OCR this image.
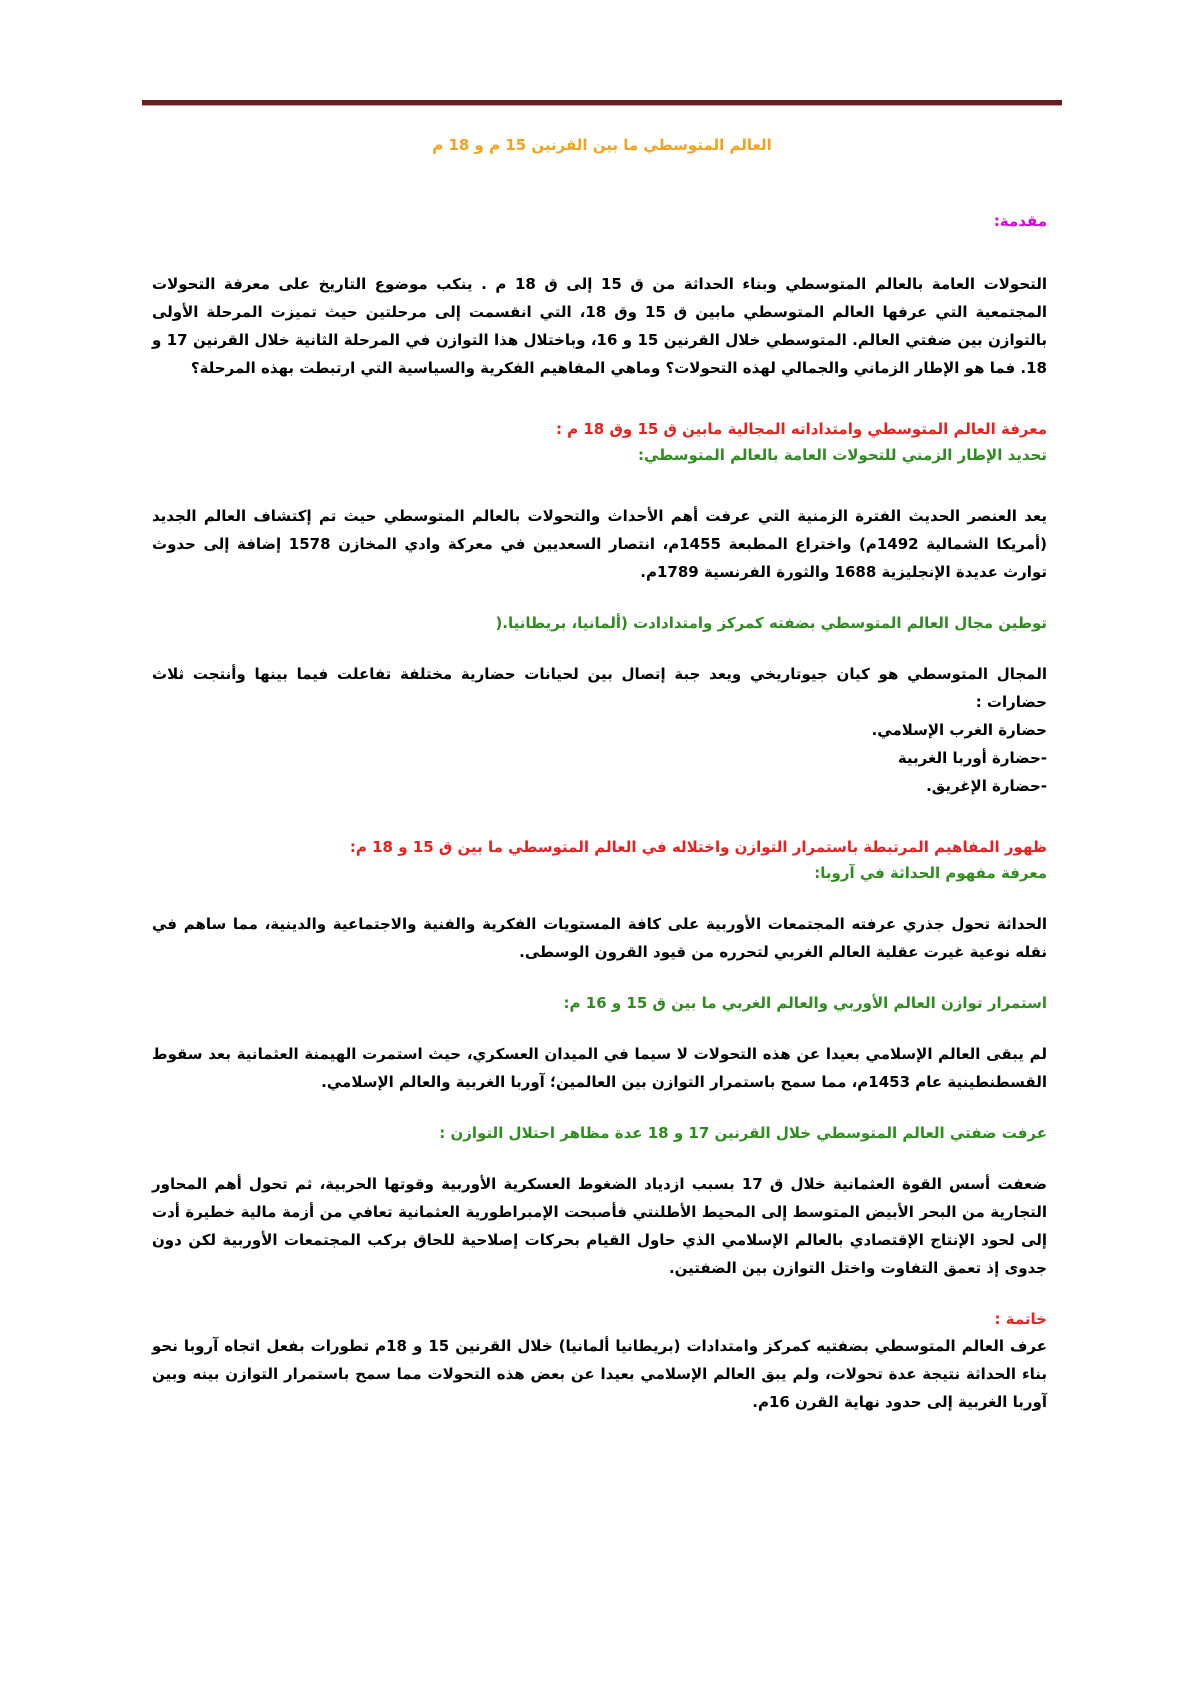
العالم المتوسطي ما بين القرنين 15 م و 18 م

مقدمة:

التحولات العامة بالعالم المتوسطي وبناء الحداثة من ق 15 إلى ق 18 م . ينكب موضوع التاريخ على معرفة التحولات المجتمعية التي عرفها العالم المتوسطي مابين ق 15 وق 18، التي انقسمت إلى مرحلتين حيث تميزت المرحلة الأولى بالتوازن بين ضفتي العالم. المتوسطي خلال القرنين 15 و 16، وباختلال هذا التوازن في المرحلة الثانية خلال القرنين 17 و 18. فما هو الإطار الزماني والجمالي لهذه التحولات؟ وماهي المفاهيم الفكرية والسياسية التي ارتبطت بهذه المرحلة؟

معرفة العالم المتوسطي وامتداداته المجالية مابين ق 15 وق 18 م :

تحديد الإطار الزمني للتحولات العامة بالعالم المتوسطي:

يعد العنصر الحديث الفترة الزمنية التي عرفت أهم الأحداث والتحولات بالعالم المتوسطي حيث تم إكتشاف العالم الجديد (أمريكا الشمالية 1492م) واختراع المطبعة 1455م، انتصار السعديين في معركة وادي المخازن 1578 إضافة إلى حدوث توارث عديدة الإنجليزية 1688 والثورة الفرنسية 1789م.

توطين مجال العالم المتوسطي بضفته كمركز وامتدادادت (ألمانيا، بريطانيا.(

المجال المتوسطي هو كيان جيوتاريخي ويعد جبة إتصال بين لحيانات حضارية مختلفة تفاعلت فيما بينها وأنتجت ثلاث حضارات :

حضارة الغرب الإسلامي.

-حضارة أوربا الغربية

-حضارة الإغريق.

ظهور المفاهيم المرتبطة باستمرار التوازن واختلاله في العالم المتوسطي ما بين ق 15 و 18 م:

معرفة مفهوم الحداثة في آروبا:

الحداثة تحول جذري عرفته المجتمعات الأوربية على كافة المستويات الفكرية والفنية والاجتماعية والدينية، مما ساهم في نقله نوعية غيرت عقلية العالم الغربي لتحرره من قيود القرون الوسطى.

استمرار توازن العالم الأوربي والعالم الغربي ما بين ق 15 و 16 م:

لم يبقى العالم الإسلامي بعيدا عن هذه التحولات لا سيما في الميدان العسكري، حيث استمرت الهيمنة العثمانية بعد سقوط القسطنطينية عام 1453م، مما سمح باستمرار التوازن بين العالمين؛ آوربا الغربية والعالم الإسلامي.

عرفت ضفتي العالم المتوسطي خلال القرنين 17 و 18 عدة مظاهر احتلال التوازن :

ضعفت أسس القوة العثمانية خلال ق 17 بسبب ازدياد الضغوط العسكرية الأوربية وقوتها الحربية، ثم تحول أهم المحاور التجارية من البحر الأبيض المتوسط إلى المحيط الأطلنتي فأصبحت الإمبراطورية العثمانية تعافي من أزمة مالية خطيرة أدت إلى لحود الإنتاج الإقتصادي بالعالم الإسلامي الذي حاول القيام بحركات إصلاحية للحاق بركب المجتمعات الأوربية لكن دون جدوى إذ تعمق التفاوت واختل التوازن بين الضفتين.

خاتمة :

عرف العالم المتوسطي بضفتيه كمركز وامتدادات (بريطانيا ألمانيا) خلال القرنين 15 و 18م تطورات بفعل اتجاه آروبا نحو بناء الحداثة نتيجة عدة تحولات، ولم يبق العالم الإسلامي بعيدا عن بعض هذه التحولات مما سمح باستمرار التوازن بينه وبين آوربا الغربية إلى حدود نهاية القرن 16م.
